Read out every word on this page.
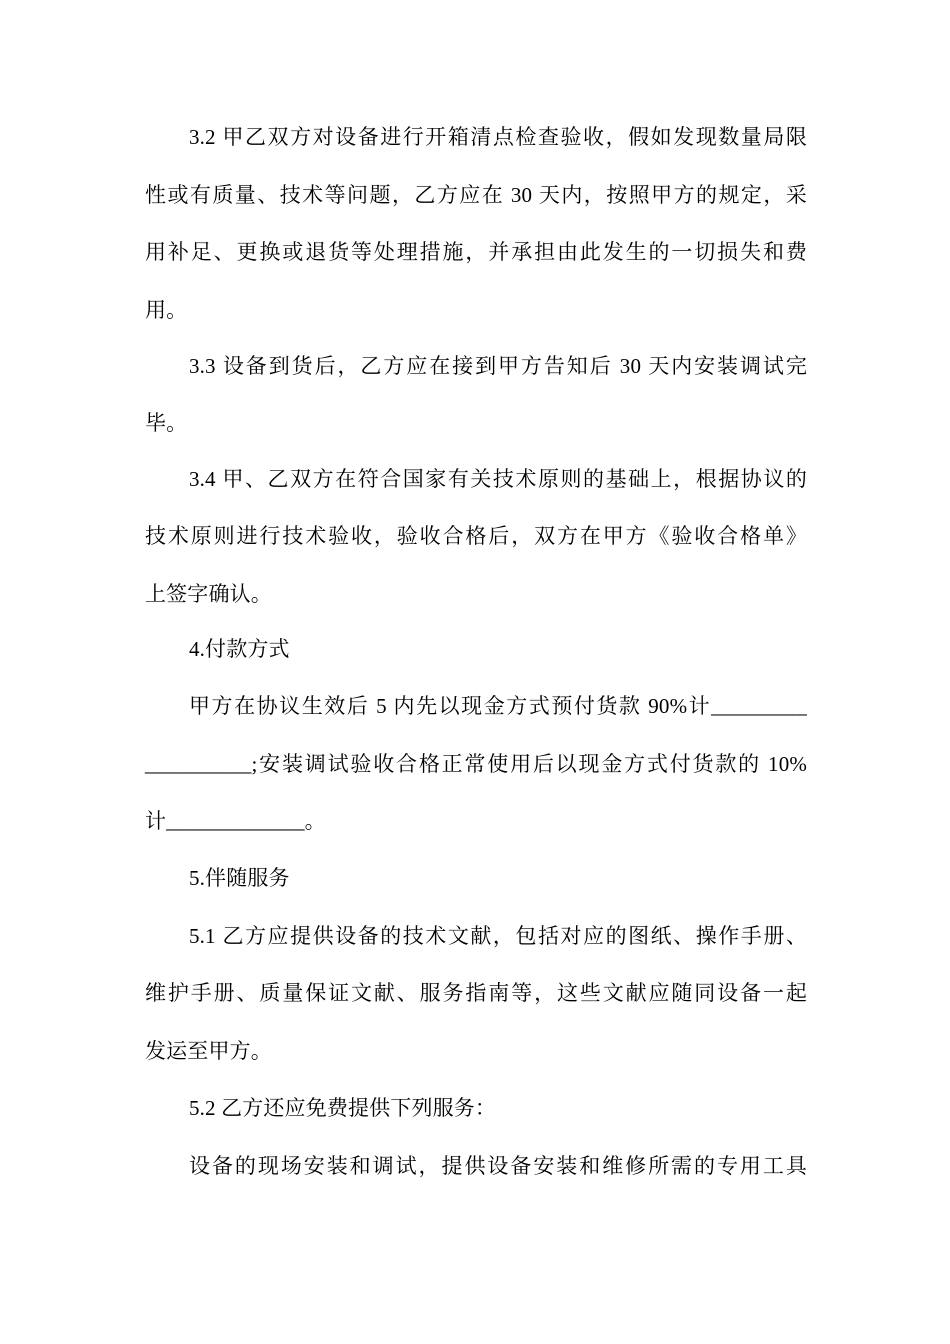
3.2 甲乙双方对设备进行开箱清点检查验收，假如发现数量局限
性或有质量、技术等问题，乙方应在 30 天内，按照甲方的规定，采
用补足、更换或退货等处理措施，并承担由此发生的一切损失和费
用。
3.3 设备到货后，乙方应在接到甲方告知后 30 天内安装调试完
毕。
3.4 甲、乙双方在符合国家有关技术原则的基础上，根据协议的
技术原则进行技术验收，验收合格后，双方在甲方《验收合格单》
上签字确认。
4.付款方式
甲方在协议生效后 5 内先以现金方式预付货款 90%计_________
__________;安装调试验收合格正常使用后以现金方式付货款的 10%
计_____________。
5.伴随服务
5.1 乙方应提供设备的技术文献，包括对应的图纸、操作手册、
维护手册、质量保证文献、服务指南等，这些文献应随同设备一起
发运至甲方。
5.2 乙方还应免费提供下列服务：
设备的现场安装和调试，提供设备安装和维修所需的专用工具
